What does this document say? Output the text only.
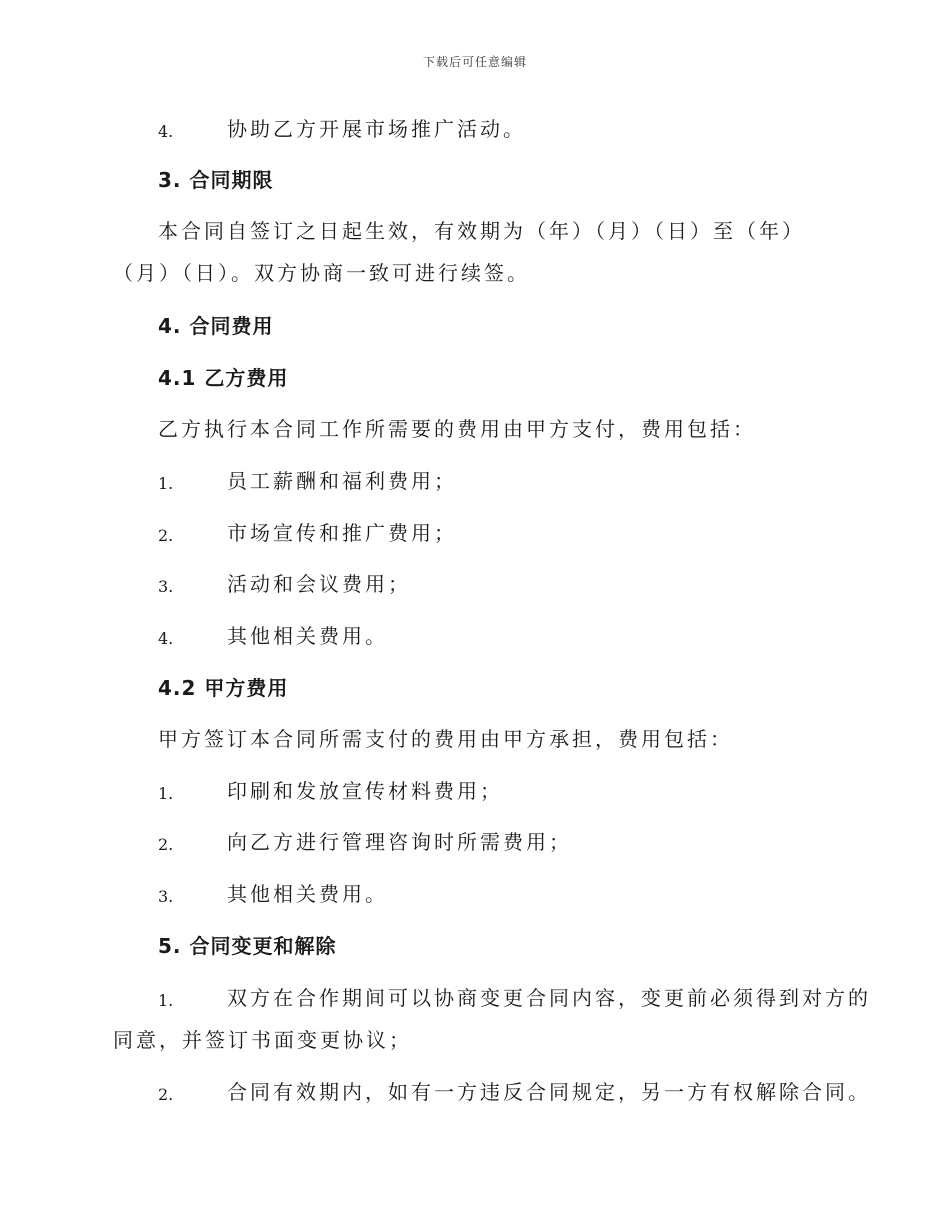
下载后可任意编辑
4.	协助乙方开展市场推广活动。
3. 合同期限
本合同自签订之日起生效，有效期为（年）（月）（日）至（年）
（月）（日）。双方协商一致可进行续签。
4. 合同费用
4.1 乙方费用
乙方执行本合同工作所需要的费用由甲方支付，费用包括：
1.	员工薪酬和福利费用；
2.	市场宣传和推广费用；
3.	活动和会议费用；
4.	其他相关费用。
4.2 甲方费用
甲方签订本合同所需支付的费用由甲方承担，费用包括：
1.	印刷和发放宣传材料费用；
2.	向乙方进行管理咨询时所需费用；
3.	其他相关费用。
5. 合同变更和解除
1.	双方在合作期间可以协商变更合同内容，变更前必须得到对方的
同意，并签订书面变更协议；
2.	合同有效期内，如有一方违反合同规定，另一方有权解除合同。
